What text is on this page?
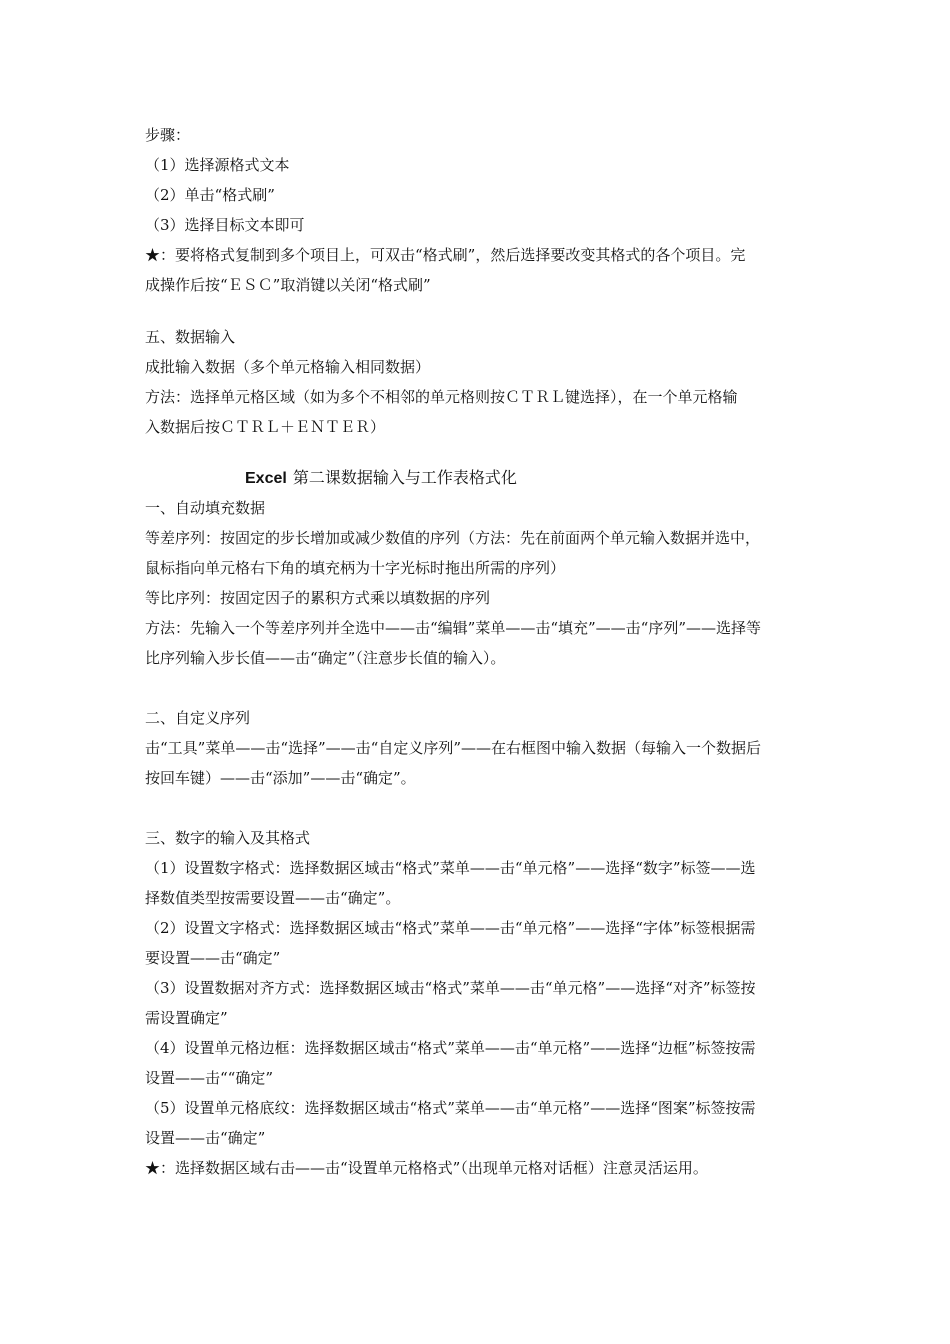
步骤：
（1）选择源格式文本
（2）单击“格式刷”
（3）选择目标文本即可
★：要将格式复制到多个项目上，可双击“格式刷”，然后选择要改变其格式的各个项目。完
成操作后按“ＥＳＣ”取消键以关闭“格式刷”
五、数据输入
成批输入数据（多个单元格输入相同数据）
方法：选择单元格区域（如为多个不相邻的单元格则按ＣＴＲＬ键选择），在一个单元格输
入数据后按ＣＴＲＬ＋ＥＮＴＥＲ）
Excel 第二课数据输入与工作表格式化
一、自动填充数据
等差序列：按固定的步长增加或减少数值的序列（方法：先在前面两个单元输入数据并选中，
鼠标指向单元格右下角的填充柄为十字光标时拖出所需的序列）
等比序列：按固定因子的累积方式乘以填数据的序列
方法：先输入一个等差序列并全选中——击“编辑”菜单——击“填充”——击“序列”——选择等
比序列输入步长值——击“确定”（注意步长值的输入）。
二、自定义序列
击“工具”菜单——击“选择”——击“自定义序列”——在右框图中输入数据（每输入一个数据后
按回车键）——击“添加”——击“确定”。
三、数字的输入及其格式
（1）设置数字格式：选择数据区域击“格式”菜单——击“单元格”——选择“数字”标签——选
择数值类型按需要设置——击“确定”。
（2）设置文字格式：选择数据区域击“格式”菜单——击“单元格”——选择“字体”标签根据需
要设置——击“确定”
（3）设置数据对齐方式：选择数据区域击“格式”菜单——击“单元格”——选择“对齐”标签按
需设置确定”
（4）设置单元格边框：选择数据区域击“格式”菜单——击“单元格”——选择“边框”标签按需
设置——击““确定”
（5）设置单元格底纹：选择数据区域击“格式”菜单——击“单元格”——选择“图案”标签按需
设置——击“确定”
★：选择数据区域右击——击“设置单元格格式”（出现单元格对话框）注意灵活运用。
